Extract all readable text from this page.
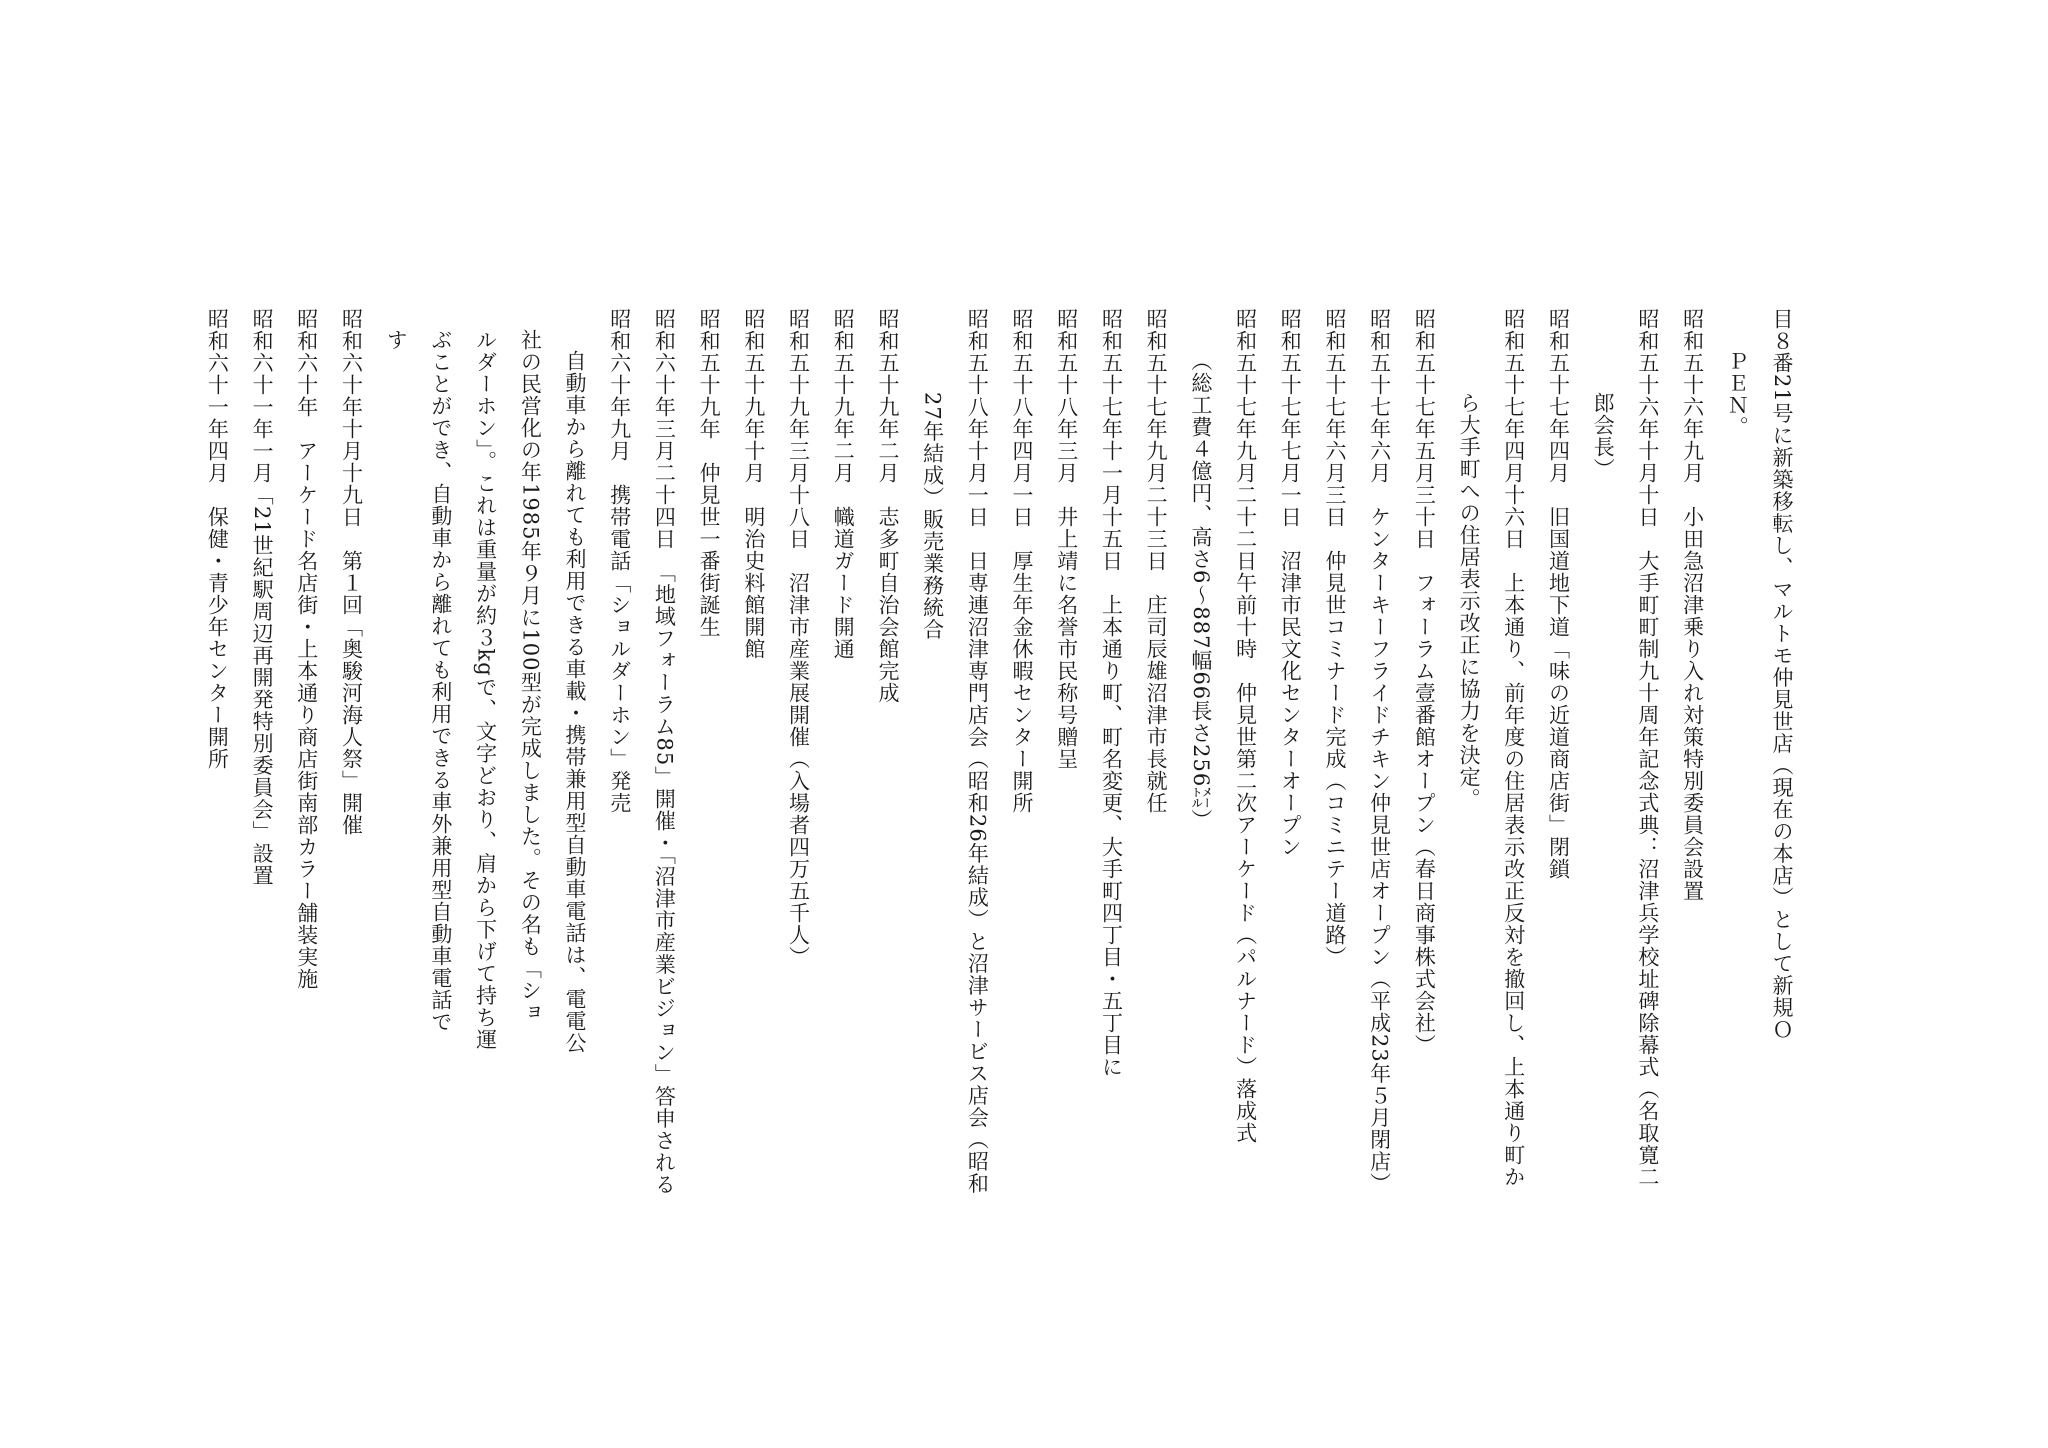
目８番21号に新築移転し、マルトモ仲見世店（現在の本店）として新規Ｏ
ＰＥＮ。
昭和五十六年九月　小田急沼津乗り入れ対策特別委員会設置
昭和五十六年十月十日　大手町町制九十周年記念式典：沼津兵学校址碑除幕式（名取寛二
郎会長）
昭和五十七年四月　旧国道地下道「味の近道商店街」閉鎖
昭和五十七年四月十六日　上本通り、前年度の住居表示改正反対を撤回し、上本通り町か
ら大手町への住居表示改正に協力を決定。
昭和五十七年五月三十日　フォーラム壹番館オープン（春日商事株式会社）
昭和五十七年六月　ケンターキーフライドチキン仲見世店オープン（平成23年５月閉店）
昭和五十七年六月三日　仲見世コミナード完成（コミニテー道路）
昭和五十七年七月一日　沼津市民文化センターオープン
昭和五十七年九月二十二日午前十時　仲見世第二次アーケード（パルナード）落成式
（総工費４億円、高さ6～887幅66長さ256㍍）
昭和五十七年九月二十三日　庄司辰雄沼津市長就任
昭和五十七年十一月十五日　上本通り町、町名変更、大手町四丁目・五丁目に
昭和五十八年三月　井上靖に名誉市民称号贈呈
昭和五十八年四月一日　厚生年金休暇センター開所
昭和五十八年十月一日　日専連沼津専門店会（昭和26年結成）と沼津サービス店会（昭和
27年結成）販売業務統合
昭和五十九年二月　志多町自治会館完成
昭和五十九年二月　幟道ガード開通
昭和五十九年三月十八日　沼津市産業展開催（入場者四万五千人）
昭和五十九年十月　明治史料館開館
昭和五十九年　仲見世一番街誕生
昭和六十年三月二十四日　「地域フォーラム85」開催・「沼津市産業ビジョン」答申される
昭和六十年九月　携帯電話「ショルダーホン」発売
自動車から離れても利用できる車載・携帯兼用型自動車電話は、電電公
社の民営化の年1985年９月に100型が完成しました。その名も「ショ
ルダーホン」。これは重量が約３kgで、文字どおり、肩から下げて持ち運
ぶことができ、自動車から離れても利用できる車外兼用型自動車電話で
す
昭和六十年十月十九日　第１回「奥駿河海人祭」開催
昭和六十年　アーケード名店街・上本通り商店街南部カラー舗装実施
昭和六十一年一月「21世紀駅周辺再開発特別委員会」設置
昭和六十一年四月　保健・青少年センター開所
